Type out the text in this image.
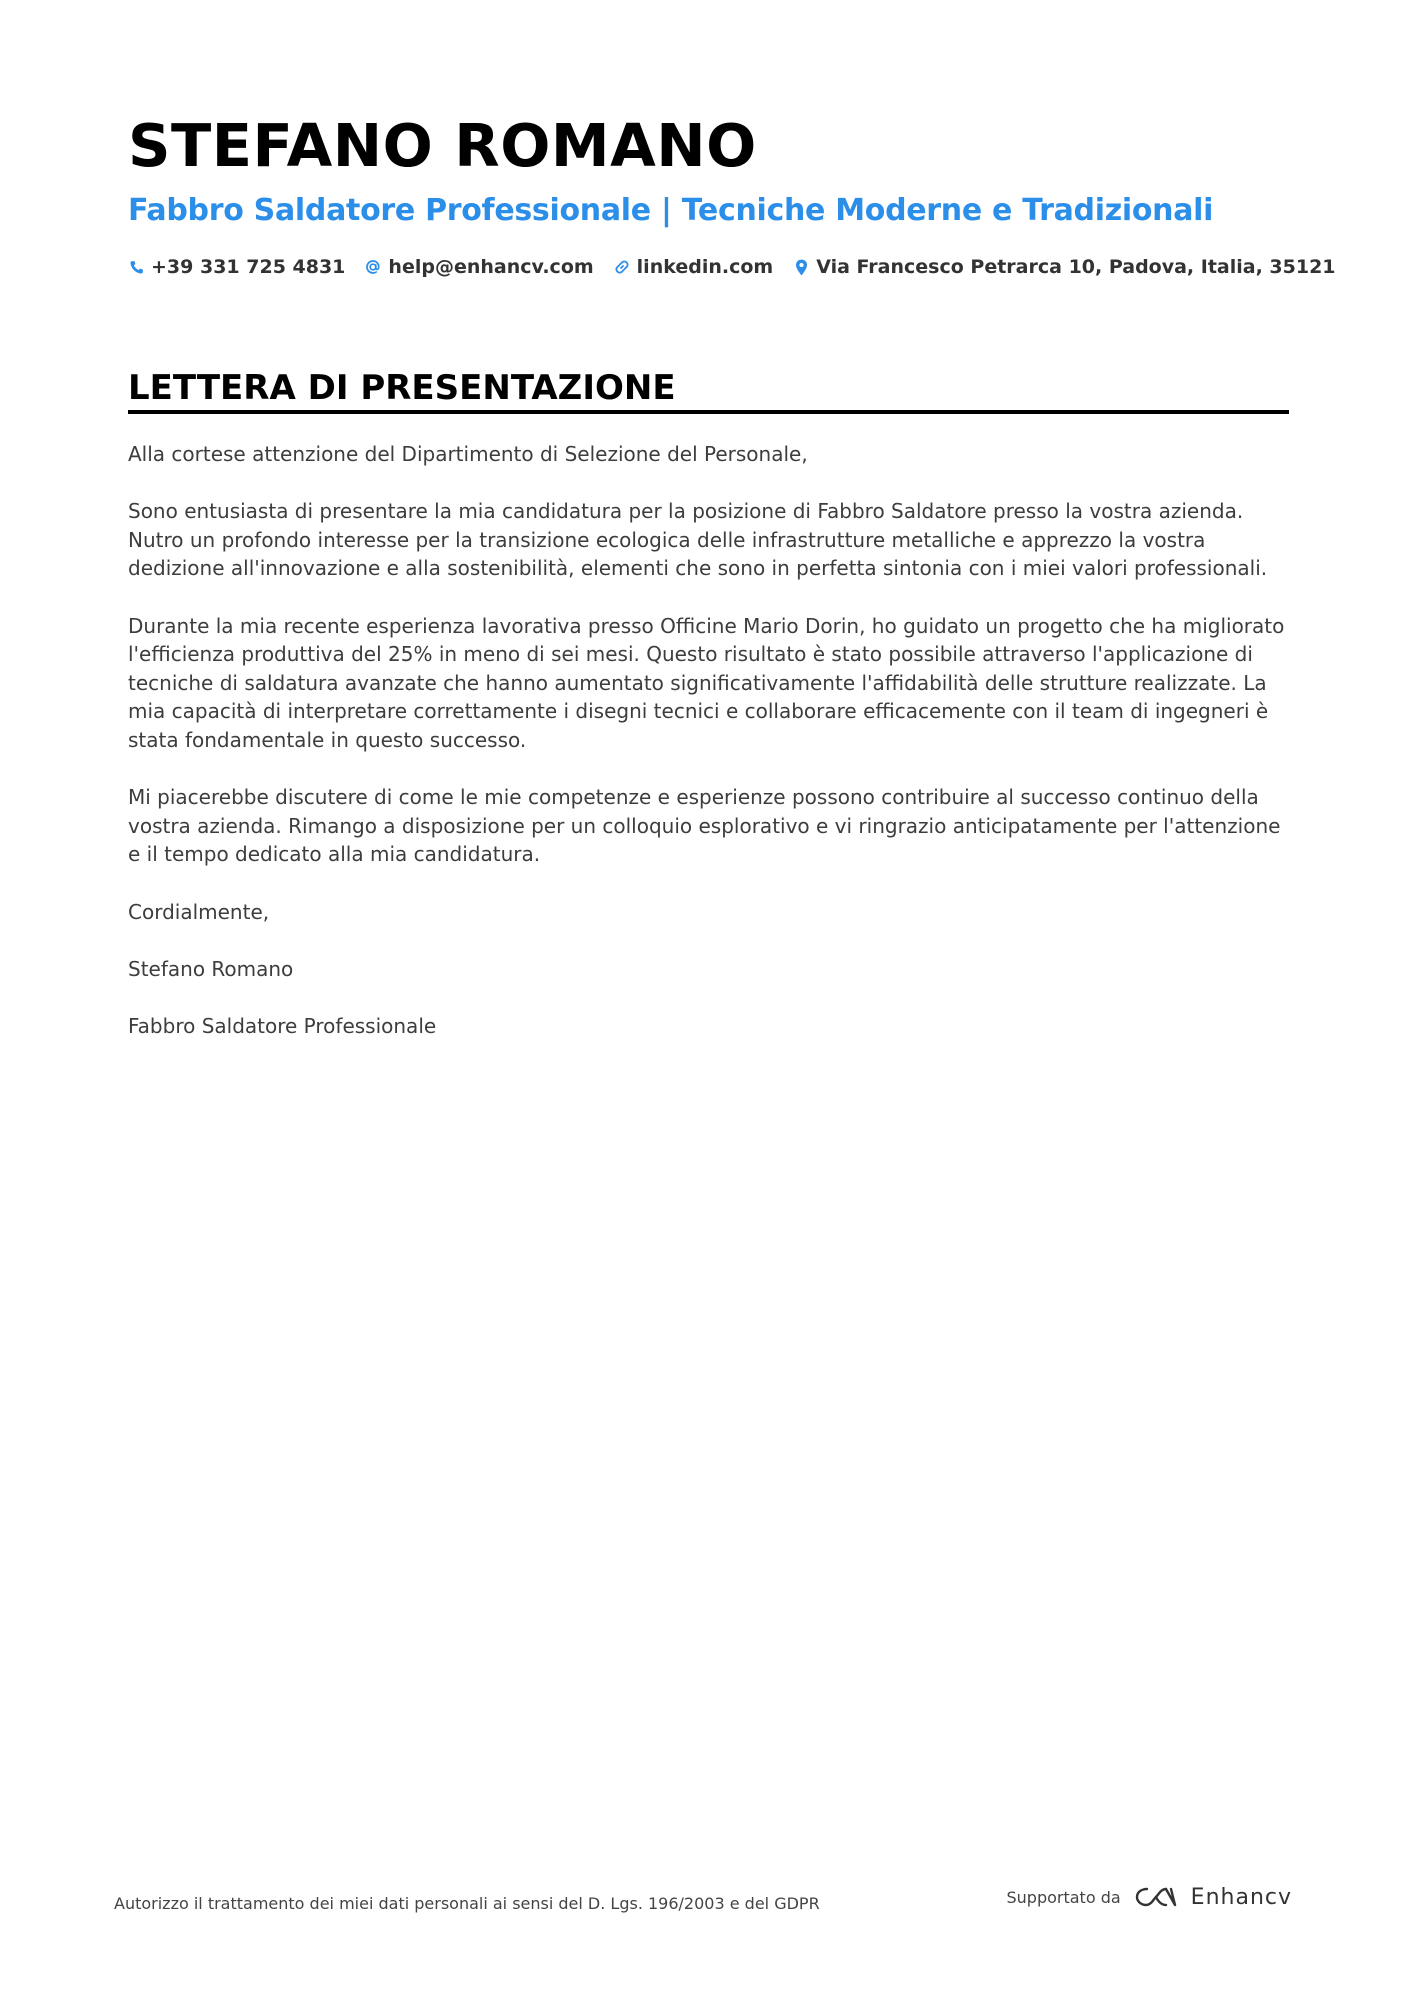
STEFANO ROMANO
Fabbro Saldatore Professionale | Tecniche Moderne e Tradizionali
+39 331 725 4831 help@enhancv.com linkedin.com Via Francesco Petrarca 10, Padova, Italia, 35121
LETTERA DI PRESENTAZIONE

Alla cortese attenzione del Dipartimento di Selezione del Personale,

Sono entusiasta di presentare la mia candidatura per la posizione di Fabbro Saldatore presso la vostra azienda. Nutro un profondo interesse per la transizione ecologica delle infrastrutture metalliche e apprezzo la vostra dedizione all'innovazione e alla sostenibilità, elementi che sono in perfetta sintonia con i miei valori professionali.

Durante la mia recente esperienza lavorativa presso Officine Mario Dorin, ho guidato un progetto che ha migliorato l'efficienza produttiva del 25% in meno di sei mesi. Questo risultato è stato possibile attraverso l'applicazione di tecniche di saldatura avanzate che hanno aumentato significativamente l'affidabilità delle strutture realizzate. La mia capacità di interpretare correttamente i disegni tecnici e collaborare efficacemente con il team di ingegneri è stata fondamentale in questo successo.

Mi piacerebbe discutere di come le mie competenze e esperienze possono contribuire al successo continuo della vostra azienda. Rimango a disposizione per un colloquio esplorativo e vi ringrazio anticipatamente per l'attenzione e il tempo dedicato alla mia candidatura.

Cordialmente,

Stefano Romano

Fabbro Saldatore Professionale

Autorizzo il trattamento dei miei dati personali ai sensi del D. Lgs. 196/2003 e del GDPR	Supportato da	Enhancv
